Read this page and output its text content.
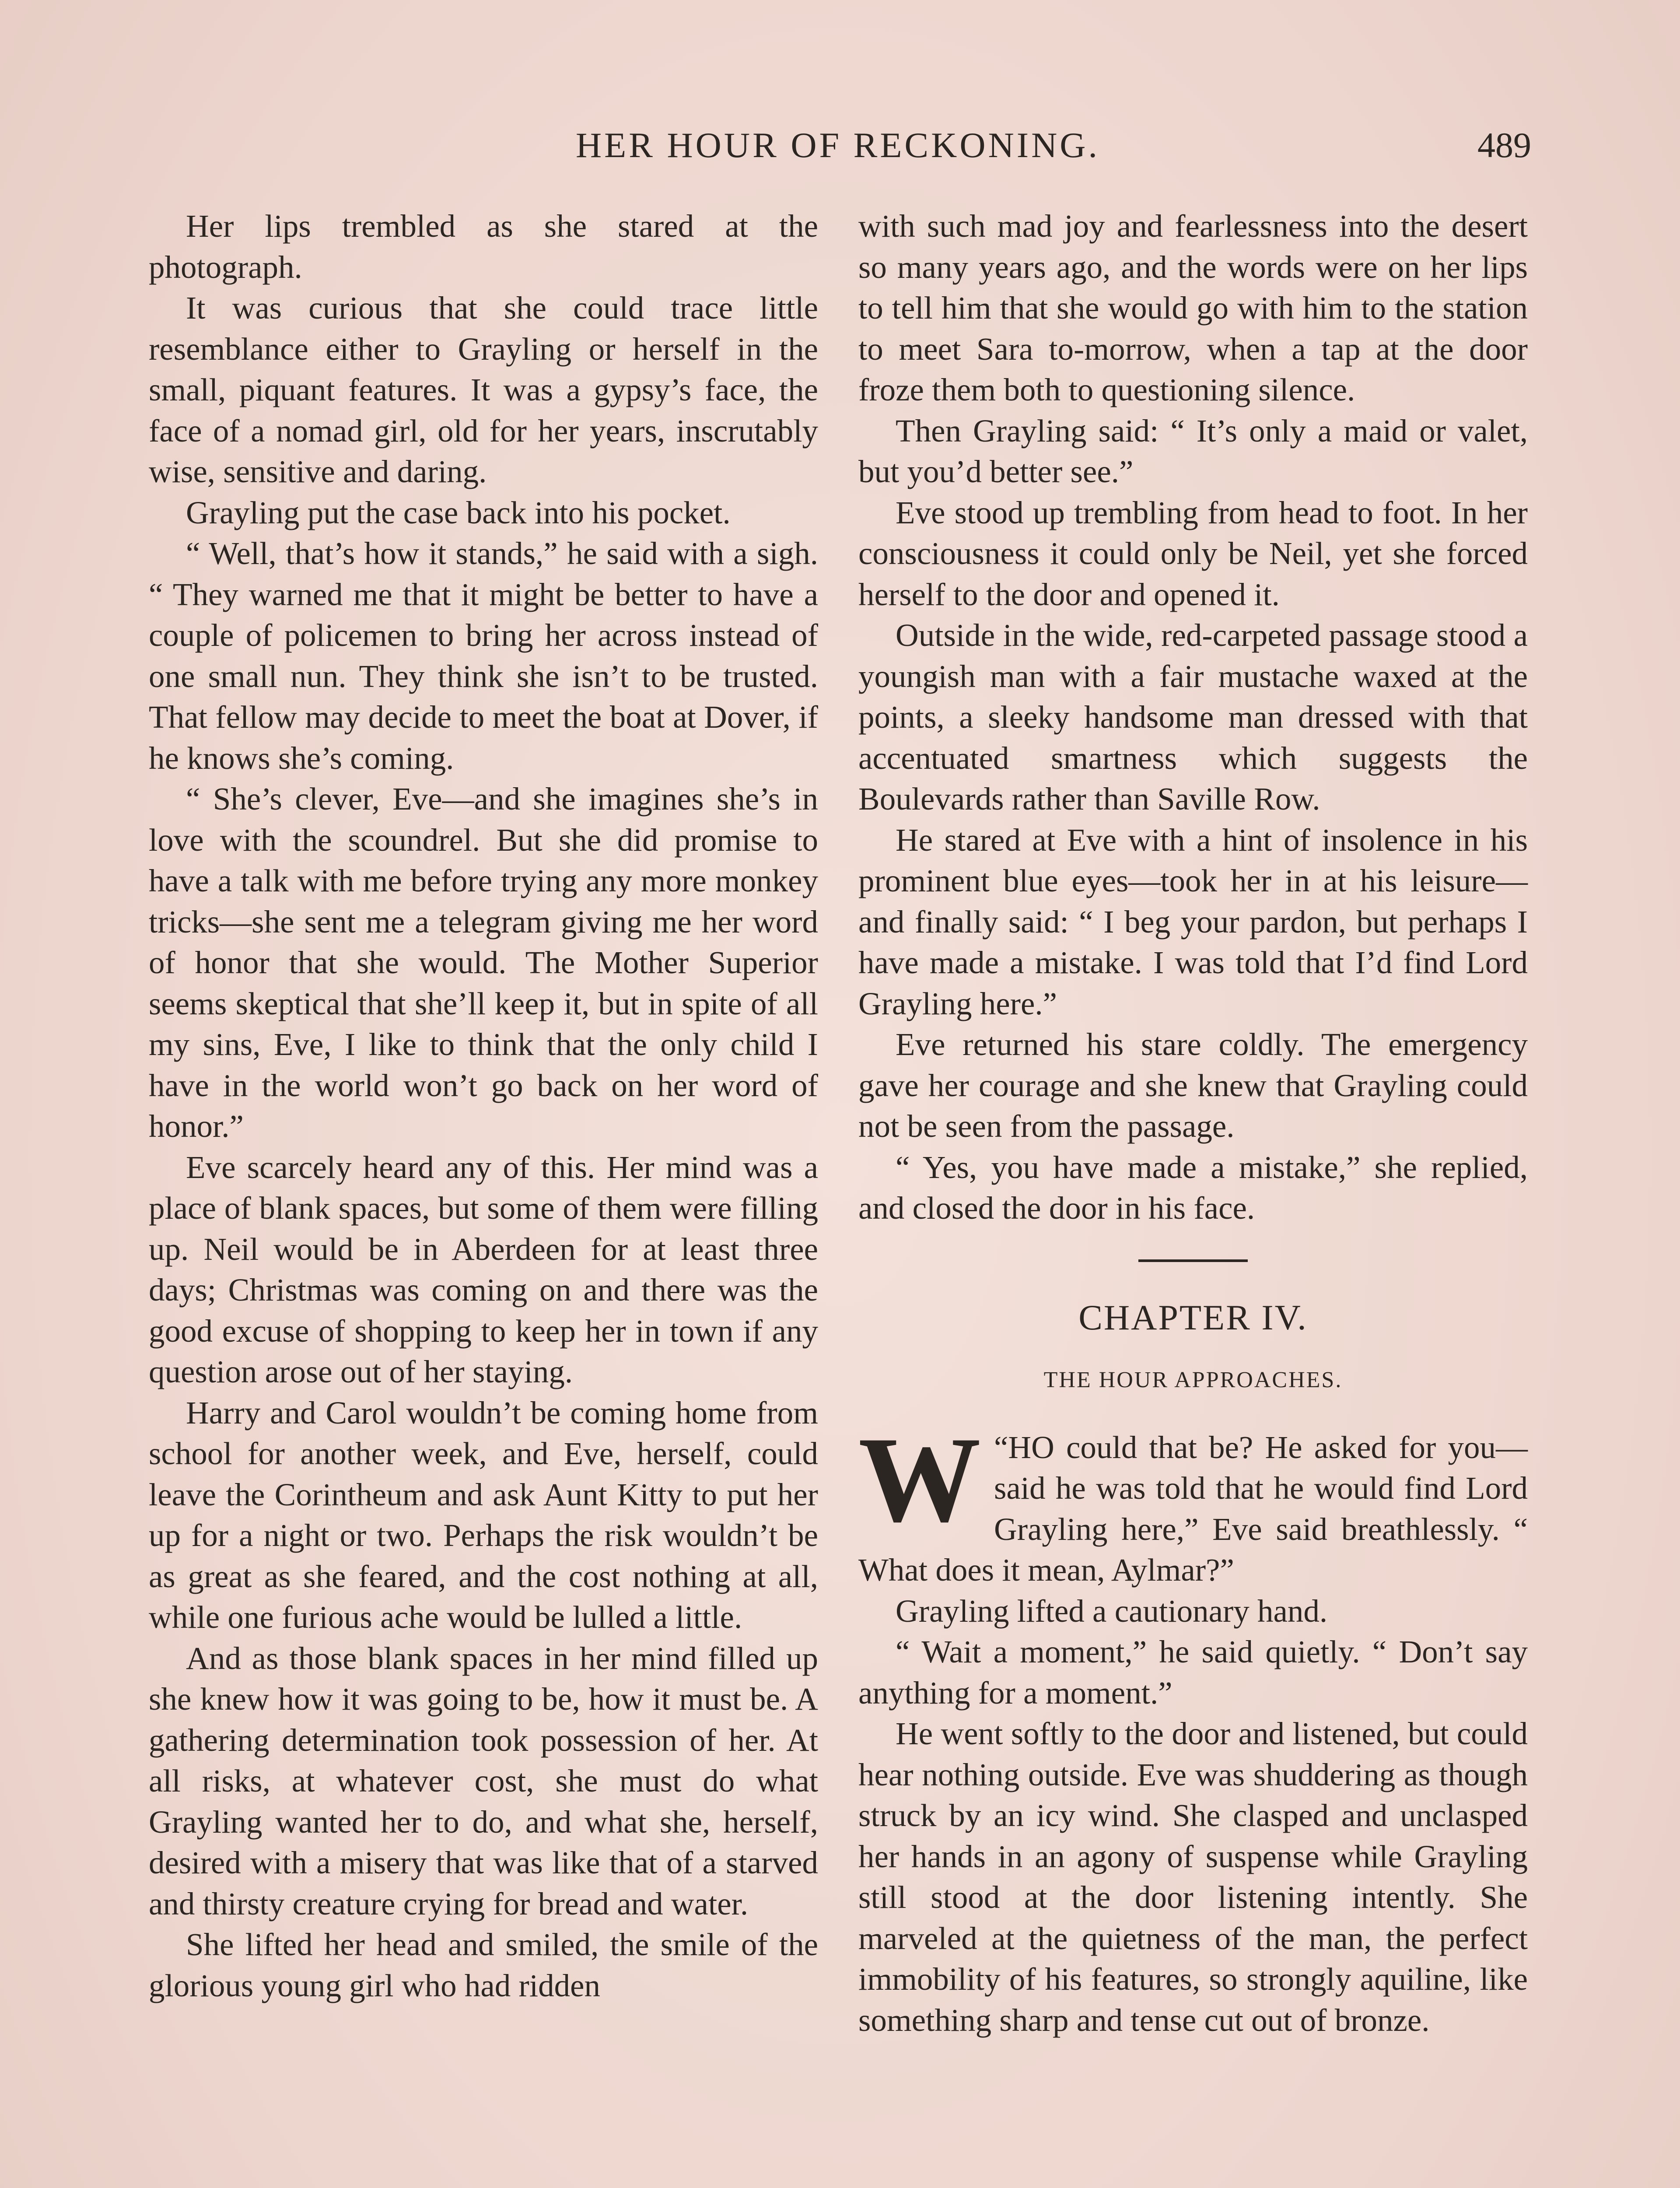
HER HOUR OF RECKONING.	489

Her lips trembled as she stared at the photograph.

It was curious that she could trace little resemblance either to Grayling or herself in the small, piquant features. It was a gypsy’s face, the face of a nomad girl, old for her years, inscrutably wise, sensitive and daring.

Grayling put the case back into his pocket.

“ Well, that’s how it stands,” he said with a sigh. “ They warned me that it might be better to have a couple of policemen to bring her across instead of one small nun. They think she isn’t to be trusted. That fellow may decide to meet the boat at Dover, if he knows she’s coming.

“ She’s clever, Eve—and she imagines she’s in love with the scoundrel. But she did promise to have a talk with me before trying any more monkey tricks—she sent me a telegram giving me her word of honor that she would. The Mother Superior seems skeptical that she’ll keep it, but in spite of all my sins, Eve, I like to think that the only child I have in the world won’t go back on her word of honor.”

Eve scarcely heard any of this. Her mind was a place of blank spaces, but some of them were filling up. Neil would be in Aberdeen for at least three days; Christmas was coming on and there was the good excuse of shopping to keep her in town if any question arose out of her staying.

Harry and Carol wouldn’t be coming home from school for another week, and Eve, herself, could leave the Corintheum and ask Aunt Kitty to put her up for a night or two. Perhaps the risk wouldn’t be as great as she feared, and the cost nothing at all, while one furious ache would be lulled a little.

And as those blank spaces in her mind filled up she knew how it was going to be, how it must be. A gathering determination took possession of her. At all risks, at whatever cost, she must do what Grayling wanted her to do, and what she, herself, desired with a misery that was like that of a starved and thirsty creature crying for bread and water.

She lifted her head and smiled, the smile of the glorious young girl who had ridden

with such mad joy and fearlessness into the desert so many years ago, and the words were on her lips to tell him that she would go with him to the station to meet Sara to-morrow, when a tap at the door froze them both to questioning silence.

Then Grayling said: “ It’s only a maid or valet, but you’d better see.”

Eve stood up trembling from head to foot. In her consciousness it could only be Neil, yet she forced herself to the door and opened it.

Outside in the wide, red-carpeted passage stood a youngish man with a fair mustache waxed at the points, a sleeky handsome man dressed with that accentuated smartness which suggests the Boulevards rather than Saville Row.

He stared at Eve with a hint of insolence in his prominent blue eyes—took her in at his leisure—and finally said: “ I beg your pardon, but perhaps I have made a mistake. I was told that I’d find Lord Grayling here.”

Eve returned his stare coldly. The emergency gave her courage and she knew that Grayling could not be seen from the passage.

“ Yes, you have made a mistake,” she replied, and closed the door in his face.

CHAPTER IV.
THE HOUR APPROACHES.

“
W HO could that be? He asked for you—said he was told that he would find Lord Grayling here,” Eve said breathlessly. “ What does it mean, Aylmar?”

Grayling lifted a cautionary hand.

“ Wait a moment,” he said quietly. “ Don’t say anything for a moment.”

He went softly to the door and listened, but could hear nothing outside. Eve was shuddering as though struck by an icy wind. She clasped and unclasped her hands in an agony of suspense while Grayling still stood at the door listening intently. She marveled at the quietness of the man, the perfect immobility of his features, so strongly aquiline, like something sharp and tense cut out of bronze.
